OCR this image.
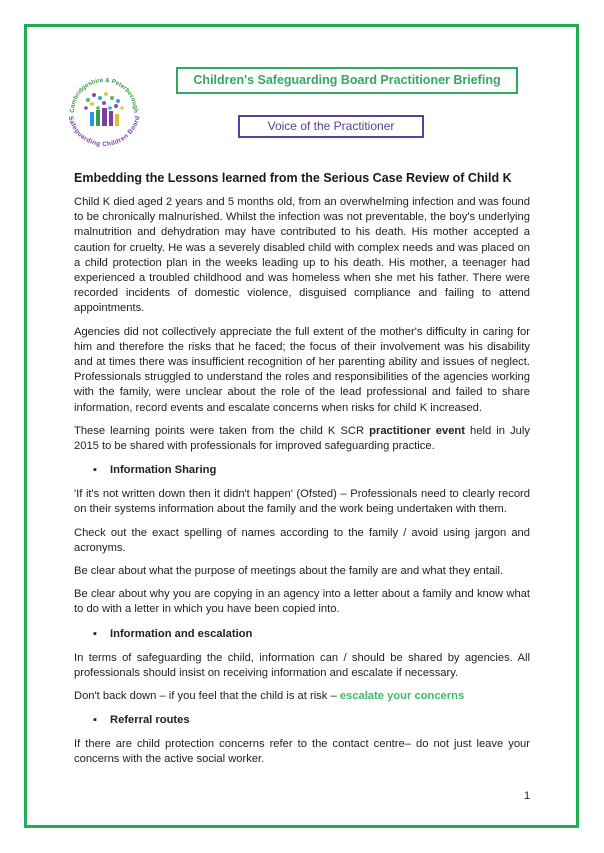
Cambridgeshire & Peterborough
Safeguarding Children Board
Children's Safeguarding Board Practitioner Briefing
Voice of the Practitioner
Embedding the Lessons learned from the Serious Case Review of Child K

Child K died aged 2 years and 5 months old, from an overwhelming infection and was found to be chronically malnurished. Whilst the infection was not preventable, the boy's underlying malnutrition and dehydration may have contributed to his death. His mother accepted a caution for cruelty. He was a severely disabled child with complex needs and was placed on a child protection plan in the weeks leading up to his death. His mother, a teenager had experienced a troubled childhood and was homeless when she met his father. There were recorded incidents of domestic violence, disguised compliance and failing to attend appointments.

Agencies did not collectively appreciate the full extent of the mother's difficulty in caring for him and therefore the risks that he faced; the focus of their involvement was his disability and at times there was insufficient recognition of her parenting ability and issues of neglect. Professionals struggled to understand the roles and responsibilities of the agencies working with the family, were unclear about the role of the lead professional and failed to share information, record events and escalate concerns when risks for child K increased.

These learning points were taken from the child K SCR practitioner event held in July 2015 to be shared with professionals for improved safeguarding practice.

▪ Information Sharing

'If it's not written down then it didn't happen' (Ofsted) – Professionals need to clearly record on their systems information about the family and the work being undertaken with them.

Check out the exact spelling of names according to the family / avoid using jargon and acronyms.

Be clear about what the purpose of meetings about the family are and what they entail.

Be clear about why you are copying in an agency into a letter about a family and know what to do with a letter in which you have been copied into.

▪ Information and escalation

In terms of safeguarding the child, information can / should be shared by agencies. All professionals should insist on receiving information and escalate if necessary.

Don't back down – if you feel that the child is at risk – escalate your concerns

▪ Referral routes

If there are child protection concerns refer to the contact centre– do not just leave your concerns with the active social worker.

1
